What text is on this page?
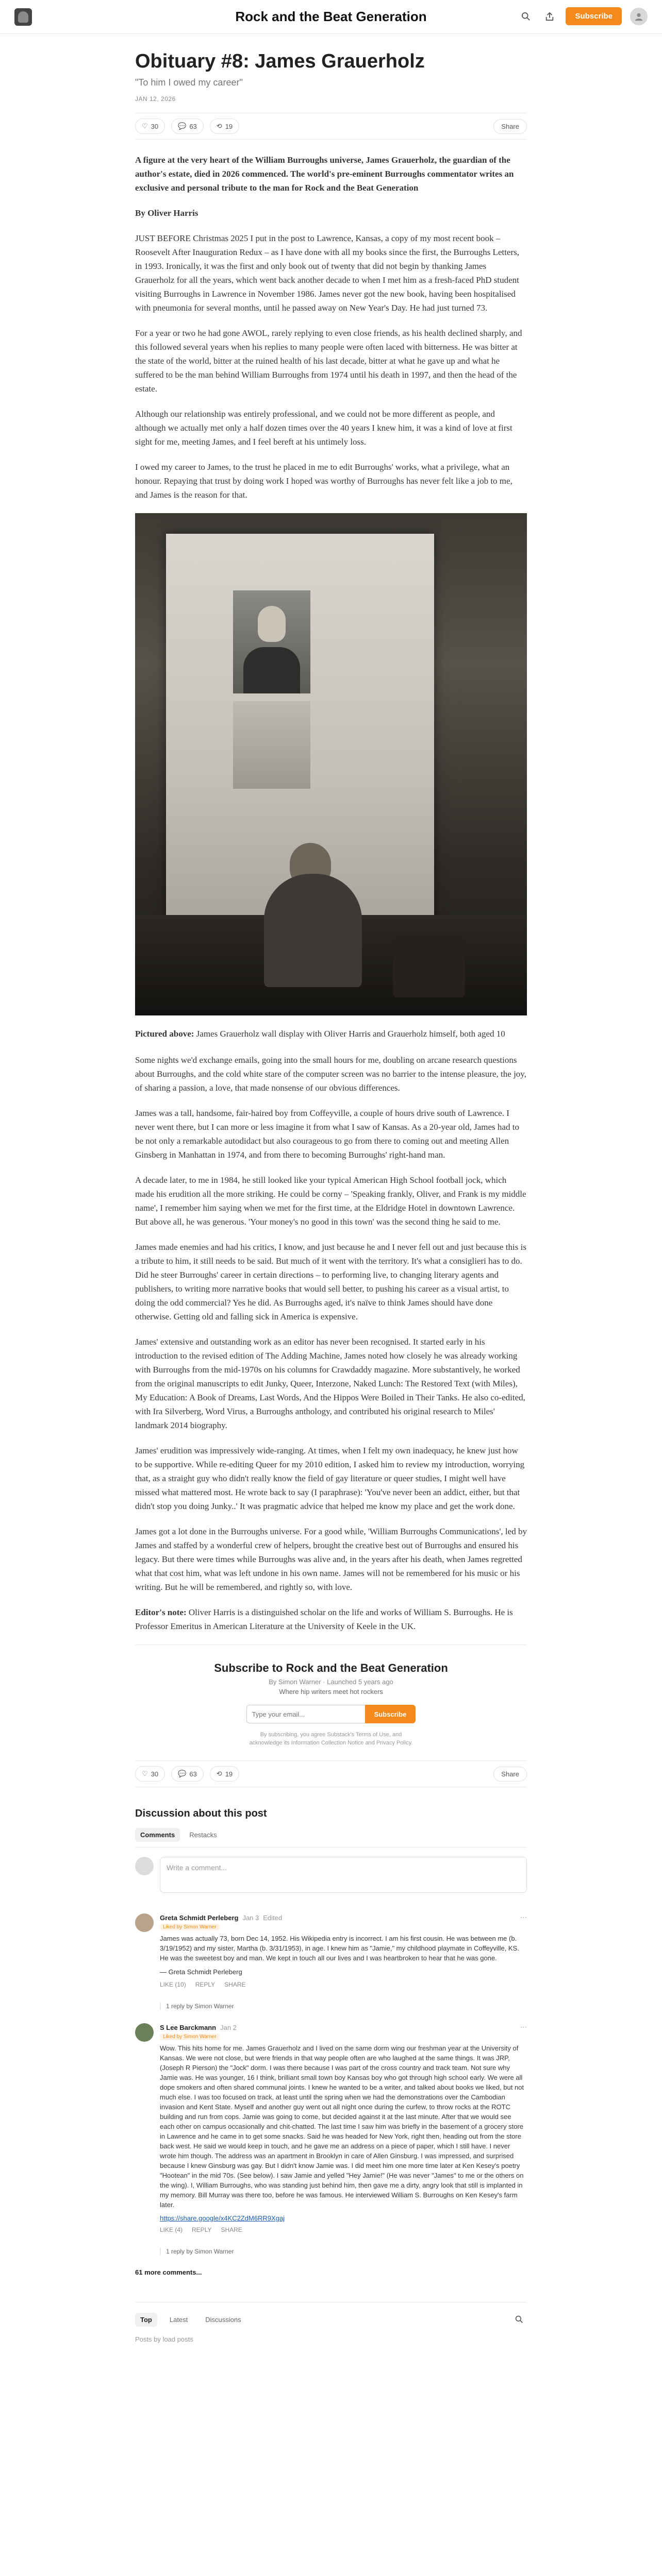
Rock and the Beat Generation	Subscribe
Obituary #8: James Grauerholz

"To him I owed my career"

JAN 12, 2026
♡ 30	💬 63	⟲ 19	Share

A figure at the very heart of the William Burroughs universe, James Grauerholz, the guardian of the author's estate, died in 2026 commenced. The world's pre-eminent Burroughs commentator writes an exclusive and personal tribute to the man for Rock and the Beat Generation

By Oliver Harris

JUST BEFORE Christmas 2025 I put in the post to Lawrence, Kansas, a copy of my most recent book – Roosevelt After Inauguration Redux – as I have done with all my books since the first, the Burroughs Letters, in 1993. Ironically, it was the first and only book out of twenty that did not begin by thanking James Grauerholz for all the years, which went back another decade to when I met him as a fresh-faced PhD student visiting Burroughs in Lawrence in November 1986. James never got the new book, having been hospitalised with pneumonia for several months, until he passed away on New Year's Day. He had just turned 73.

For a year or two he had gone AWOL, rarely replying to even close friends, as his health declined sharply, and this followed several years when his replies to many people were often laced with bitterness. He was bitter at the state of the world, bitter at the ruined health of his last decade, bitter at what he gave up and what he suffered to be the man behind William Burroughs from 1974 until his death in 1997, and then the head of the estate.

Although our relationship was entirely professional, and we could not be more different as people, and although we actually met only a half dozen times over the 40 years I knew him, it was a kind of love at first sight for me, meeting James, and I feel bereft at his untimely loss.

I owed my career to James, to the trust he placed in me to edit Burroughs' works, what a privilege, what an honour. Repaying that trust by doing work I hoped was worthy of Burroughs has never felt like a job to me, and James is the reason for that.

Pictured above: James Grauerholz wall display with Oliver Harris and Grauerholz himself, both aged 10

Some nights we'd exchange emails, going into the small hours for me, doubling on arcane research questions about Burroughs, and the cold white stare of the computer screen was no barrier to the intense pleasure, the joy, of sharing a passion, a love, that made nonsense of our obvious differences.

James was a tall, handsome, fair-haired boy from Coffeyville, a couple of hours drive south of Lawrence. I never went there, but I can more or less imagine it from what I saw of Kansas. As a 20-year old, James had to be not only a remarkable autodidact but also courageous to go from there to coming out and meeting Allen Ginsberg in Manhattan in 1974, and from there to becoming Burroughs' right-hand man.

A decade later, to me in 1984, he still looked like your typical American High School football jock, which made his erudition all the more striking. He could be corny – 'Speaking frankly, Oliver, and Frank is my middle name', I remember him saying when we met for the first time, at the Eldridge Hotel in downtown Lawrence. But above all, he was generous. 'Your money's no good in this town' was the second thing he said to me.

James made enemies and had his critics, I know, and just because he and I never fell out and just because this is a tribute to him, it still needs to be said. But much of it went with the territory. It's what a consiglieri has to do. Did he steer Burroughs' career in certain directions – to performing live, to changing literary agents and publishers, to writing more narrative books that would sell better, to pushing his career as a visual artist, to doing the odd commercial? Yes he did. As Burroughs aged, it's naïve to think James should have done otherwise. Getting old and falling sick in America is expensive.

James' extensive and outstanding work as an editor has never been recognised. It started early in his introduction to the revised edition of The Adding Machine, James noted how closely he was already working with Burroughs from the mid-1970s on his columns for Crawdaddy magazine. More substantively, he worked from the original manuscripts to edit Junky, Queer, Interzone, Naked Lunch: The Restored Text (with Miles), My Education: A Book of Dreams, Last Words, And the Hippos Were Boiled in Their Tanks. He also co-edited, with Ira Silverberg, Word Virus, a Burroughs anthology, and contributed his original research to Miles' landmark 2014 biography.

James' erudition was impressively wide-ranging. At times, when I felt my own inadequacy, he knew just how to be supportive. While re-editing Queer for my 2010 edition, I asked him to review my introduction, worrying that, as a straight guy who didn't really know the field of gay literature or queer studies, I might well have missed what mattered most. He wrote back to say (I paraphrase): 'You've never been an addict, either, but that didn't stop you doing Junky..' It was pragmatic advice that helped me know my place and get the work done.

James got a lot done in the Burroughs universe. For a good while, 'William Burroughs Communications', led by James and staffed by a wonderful crew of helpers, brought the creative best out of Burroughs and ensured his legacy. But there were times while Burroughs was alive and, in the years after his death, when James regretted what that cost him, what was left undone in his own name. James will not be remembered for his music or his writing. But he will be remembered, and rightly so, with love.

Editor's note: Oliver Harris is a distinguished scholar on the life and works of William S. Burroughs. He is Professor Emeritus in American Literature at the University of Keele in the UK.

Subscribe to Rock and the Beat Generation
By Simon Warner · Launched 5 years ago
Where hip writers meet hot rockers
Type your email...
Subscribe
By subscribing, you agree Substack's Terms of Use, and acknowledge its Information Collection Notice and Privacy Policy.
♡ 30	💬 63	⟲ 19	Share
Discussion about this post
Comments	Restacks
Write a comment...
Greta Schmidt Perleberg Jan 3 Edited	⋯
Liked by Simon Warner

James was actually 73, born Dec 14, 1952. His Wikipedia entry is incorrect. I am his first cousin. He was between me (b. 3/19/1952) and my sister, Martha (b. 3/31/1953), in age. I knew him as "Jamie," my childhood playmate in Coffeyville, KS. He was the sweetest boy and man. We kept in touch all our lives and I was heartbroken to hear that he was gone.

— Greta Schmidt Perleberg

LIKE (10) REPLY SHARE
1 reply by Simon Warner
S Lee Barckmann Jan 2	⋯
Liked by Simon Warner

Wow. This hits home for me. James Grauerholz and I lived on the same dorm wing our freshman year at the University of Kansas. We were not close, but were friends in that way people often are who laughed at the same things. It was JRP, (Joseph R Pierson) the "Jock" dorm. I was there because I was part of the cross country and track team. Not sure why Jamie was. He was younger, 16 I think, brilliant small town boy Kansas boy who got through high school early. We were all dope smokers and often shared communal joints. I knew he wanted to be a writer, and talked about books we liked, but not much else. I was too focused on track, at least until the spring when we had the demonstrations over the Cambodian invasion and Kent State. Myself and another guy went out all night once during the curfew, to throw rocks at the ROTC building and run from cops. Jamie was going to come, but decided against it at the last minute. After that we would see each other on campus occasionally and chit-chatted. The last time I saw him was briefly in the basement of a grocery store in Lawrence and he came in to get some snacks. Said he was headed for New York, right then, heading out from the store back west. He said we would keep in touch, and he gave me an address on a piece of paper, which I still have. I never wrote him though. The address was an apartment in Brooklyn in care of Allen Ginsburg. I was impressed, and surprised because I knew Ginsburg was gay. But I didn't know Jamie was. I did meet him one more time later at Ken Kesey's poetry "Hootean" in the mid 70s. (See below). I saw Jamie and yelled "Hey Jamie!" (He was never "James" to me or the others on the wing). I, William Burroughs, who was standing just behind him, then gave me a dirty, angry look that still is implanted in my memory. Bill Murray was there too, before he was famous. He interviewed William S. Burroughs on Ken Kesey's farm later.

https://share.google/x4KC2ZdM6RR9Xgaj
LIKE (4) REPLY SHARE
1 reply by Simon Warner
61 more comments...
Top	Latest	Discussions
Posts by load posts
